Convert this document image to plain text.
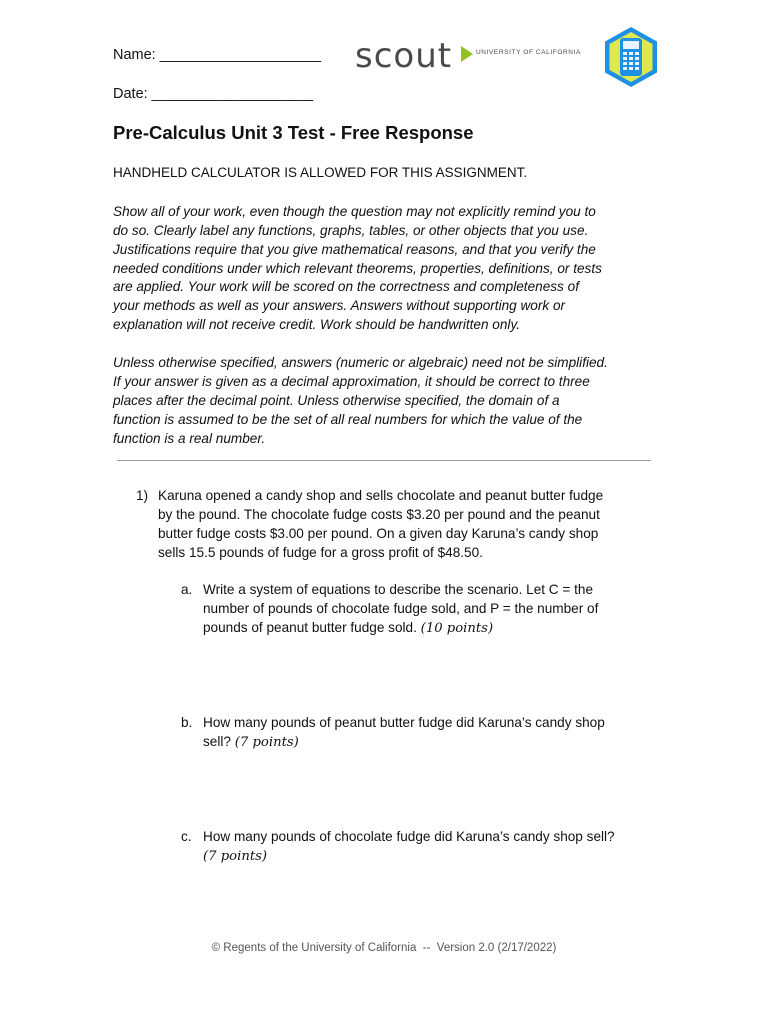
Name: ____________________
Date: ____________________
scout	UNIVERSITY OF CALIFORNIA
Pre-Calculus Unit 3 Test - Free Response
HANDHELD CALCULATOR IS ALLOWED FOR THIS ASSIGNMENT.
Show all of your work, even though the question may not explicitly remind you to
do so. Clearly label any functions, graphs, tables, or other objects that you use.
Justifications require that you give mathematical reasons, and that you verify the
needed conditions under which relevant theorems, properties, definitions, or tests
are applied. Your work will be scored on the correctness and completeness of
your methods as well as your answers. Answers without supporting work or
explanation will not receive credit. Work should be handwritten only.
Unless otherwise specified, answers (numeric or algebraic) need not be simplified.
If your answer is given as a decimal approximation, it should be correct to three
places after the decimal point. Unless otherwise specified, the domain of a
function is assumed to be the set of all real numbers for which the value of the
function is a real number.
1) Karuna opened a candy shop and sells chocolate and peanut butter fudge
by the pound. The chocolate fudge costs $3.20 per pound and the peanut
butter fudge costs $3.00 per pound. On a given day Karuna’s candy shop
sells 15.5 pounds of fudge for a gross profit of $48.50.
a. Write a system of equations to describe the scenario. Let C = the
number of pounds of chocolate fudge sold, and P = the number of
pounds of peanut butter fudge sold. (10 points)
b. How many pounds of peanut butter fudge did Karuna’s candy shop
sell? (7 points)
c. How many pounds of chocolate fudge did Karuna’s candy shop sell?
(7 points)
© Regents of the University of California  --  Version 2.0 (2/17/2022)
